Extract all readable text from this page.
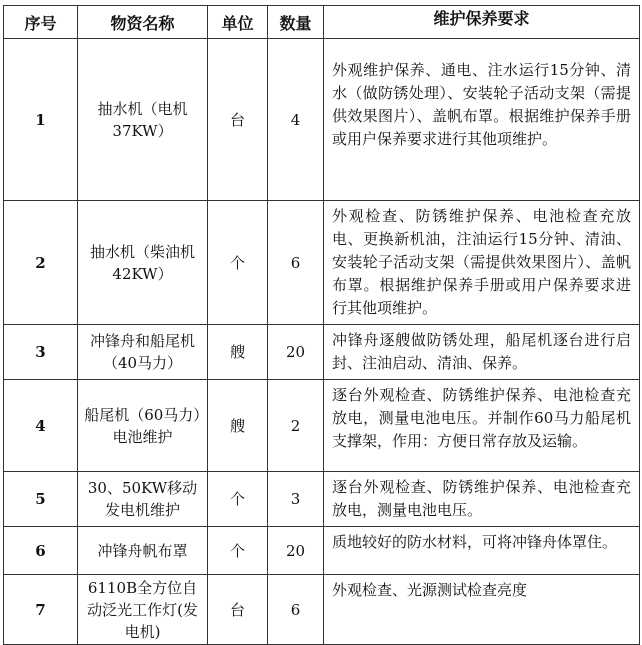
序号	物资名称	单位	数量	维护保养要求
1	抽水机（电机37KW）	台	4	外观维护保养、通电、注水运行15分钟、清水（做防锈处理）、安装轮子活动支架（需提供效果图片）、盖帆布罩。根据维护保养手册或用户保养要求进行其他项维护。
2	抽水机（柴油机42KW）	个	6	外观检查、防锈维护保养、电池检查充放电、更换新机油，注油运行15分钟、清油、安装轮子活动支架（需提供效果图片）、盖帆布罩。根据维护保养手册或用户保养要求进行其他项维护。
3	冲锋舟和船尾机（40马力）	艘	20	冲锋舟逐艘做防锈处理，船尾机逐台进行启封、注油启动、清油、保养。
4	船尾机（60马力）电池维护	艘	2	逐台外观检查、防锈维护保养、电池检查充放电，测量电池电压。并制作60马力船尾机支撑架，作用：方便日常存放及运输。
5	30、50KW移动发电机维护	个	3	逐台外观检查、防锈维护保养、电池检查充放电，测量电池电压。
6	冲锋舟帆布罩	个	20	质地较好的防水材料，可将冲锋舟体罩住。
7	6110B全方位自动泛光工作灯(发电机)	台	6	外观检查、光源测试检查亮度
